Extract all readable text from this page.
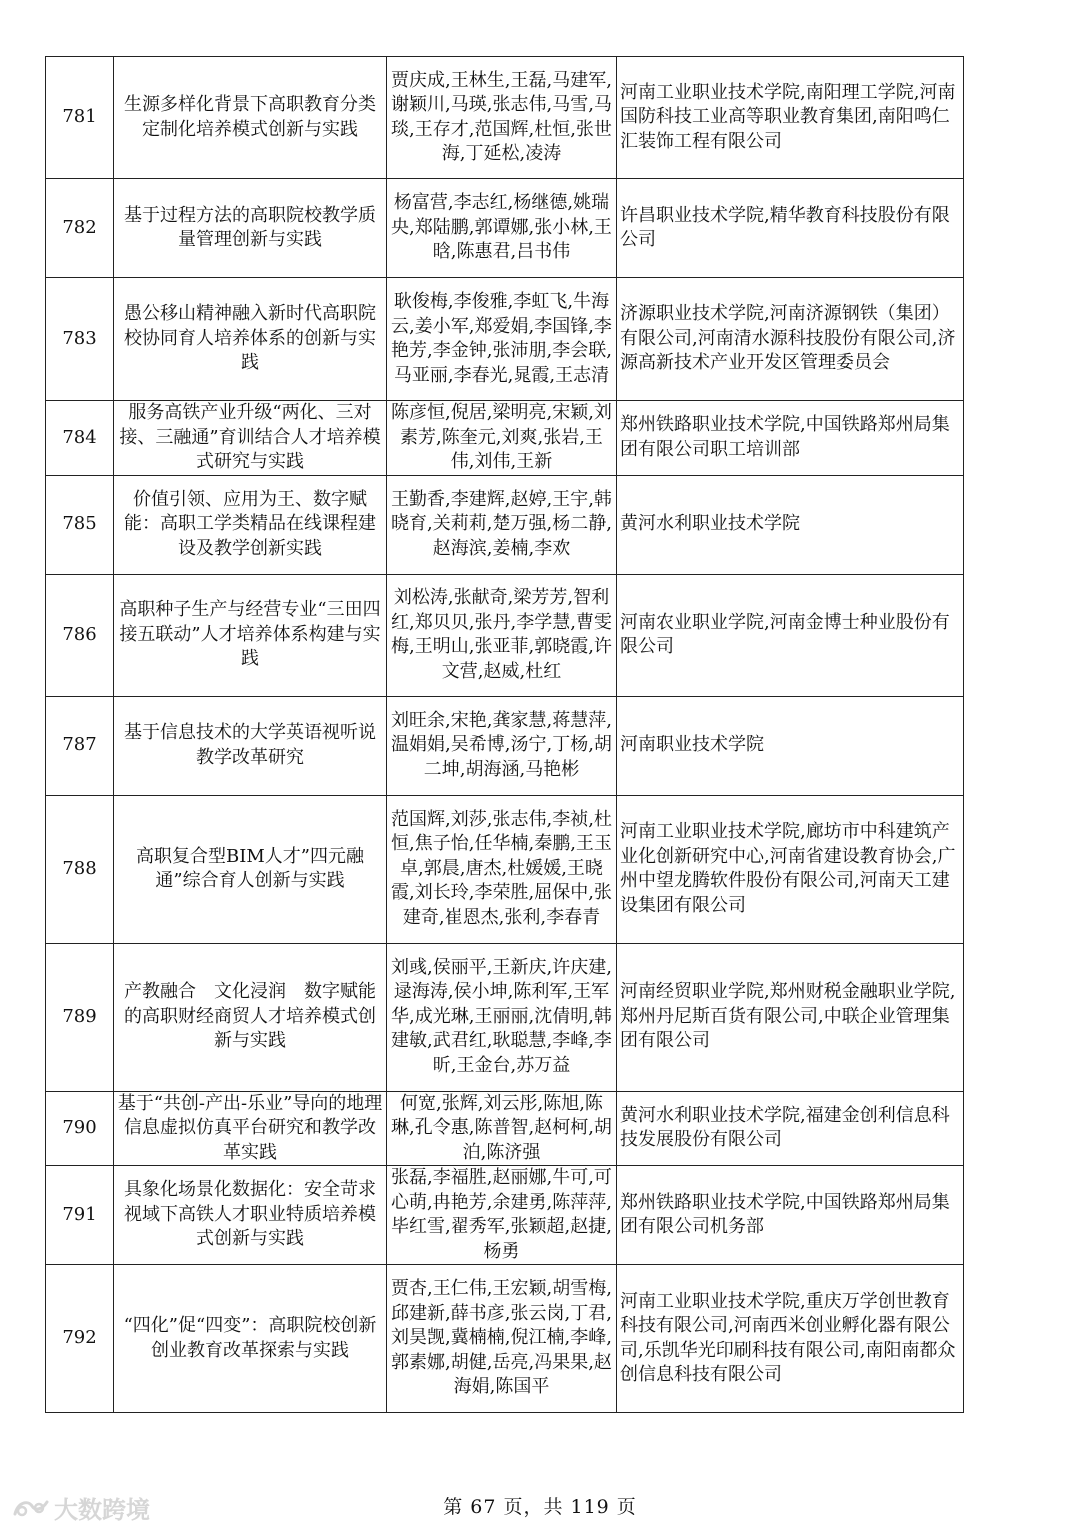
781	生源多样化背景下高职教育分类定制化培养模式创新与实践	贾庆成,王林生,王磊,马建军,谢颖川,马瑛,张志伟,马雪,马琰,王存才,范国辉,杜恒,张世海,丁延松,凌涛	河南工业职业技术学院,南阳理工学院,河南国防科技工业高等职业教育集团,南阳鸣仁汇装饰工程有限公司
782	基于过程方法的高职院校教学质量管理创新与实践	杨富营,李志红,杨继德,姚瑞央,郑陆鹏,郭谭娜,张小林,王晗,陈惠君,吕书伟	许昌职业技术学院,精华教育科技股份有限公司
783	愚公移山精神融入新时代高职院校协同育人培养体系的创新与实践	耿俊梅,李俊雅,李虹飞,牛海云,姜小军,郑爱娟,李国锋,李艳芳,李金钟,张沛朋,李会联,马亚丽,李春光,晁霞,王志清	济源职业技术学院,河南济源钢铁（集团）有限公司,河南清水源科技股份有限公司,济源高新技术产业开发区管理委员会
784	服务高铁产业升级“两化、三对接、三融通”育训结合人才培养模式研究与实践	陈彦恒,倪居,梁明亮,宋颖,刘素芳,陈奎元,刘爽,张岩,王伟,刘伟,王新	郑州铁路职业技术学院,中国铁路郑州局集团有限公司职工培训部
785	价值引领、应用为王、数字赋能：高职工学类精品在线课程建设及教学创新实践	王勤香,李建辉,赵婷,王宇,韩晓育,关莉莉,楚万强,杨二静,赵海滨,姜楠,李欢	黄河水利职业技术学院
786	高职种子生产与经营专业“三田四接五联动”人才培养体系构建与实践	刘松涛,张献奇,梁芳芳,智利红,郑贝贝,张丹,李学慧,曹雯梅,王明山,张亚菲,郭晓霞,许文营,赵威,杜红	河南农业职业学院,河南金博士种业股份有限公司
787	基于信息技术的大学英语视听说教学改革研究	刘旺余,宋艳,龚家慧,蒋慧萍,温娟娟,吴希博,汤宁,丁杨,胡二坤,胡海涵,马艳彬	河南职业技术学院
788	高职复合型BIM人才”四元融通”综合育人创新与实践	范国辉,刘莎,张志伟,李祯,杜恒,焦子怡,任华楠,秦鹏,王玉卓,郭晨,唐杰,杜媛媛,王晓霞,刘长玲,李荣胜,屈保中,张建奇,崔恩杰,张利,李春青	河南工业职业技术学院,廊坊市中科建筑产业化创新研究中心,河南省建设教育协会,广州中望龙腾软件股份有限公司,河南天工建设集团有限公司
789	产教融合　文化浸润　数字赋能的高职财经商贸人才培养模式创新与实践	刘彧,侯丽平,王新庆,许庆建,逯海涛,侯小坤,陈利军,王军华,成光琳,王丽丽,沈倩明,韩建敏,武君红,耿聪慧,李峰,李昕,王金台,苏万益	河南经贸职业学院,郑州财税金融职业学院,郑州丹尼斯百货有限公司,中联企业管理集团有限公司
790	基于“共创-产出-乐业”导向的地理信息虚拟仿真平台研究和教学改革实践	何宽,张辉,刘云彤,陈旭,陈琳,孔令惠,陈普智,赵柯柯,胡泊,陈济强	黄河水利职业技术学院,福建金创利信息科技发展股份有限公司
791	具象化场景化数据化：安全苛求视域下高铁人才职业特质培养模式创新与实践	张磊,李福胜,赵丽娜,牛可,可心萌,冉艳芳,余建勇,陈萍萍,毕红雪,翟秀军,张颖超,赵捷,杨勇	郑州铁路职业技术学院,中国铁路郑州局集团有限公司机务部
792	“四化”促“四变”：高职院校创新创业教育改革探索与实践	贾杏,王仁伟,王宏颖,胡雪梅,邱建新,薛书彦,张云岗,丁君,刘昊觊,冀楠楠,倪江楠,李峰,郭素娜,胡健,岳亮,冯果果,赵海娟,陈国平	河南工业职业技术学院,重庆万学创世教育科技有限公司,河南西米创业孵化器有限公司,乐凯华光印刷科技有限公司,南阳南都众创信息科技有限公司
大数跨境	第 67 页，共 119 页
